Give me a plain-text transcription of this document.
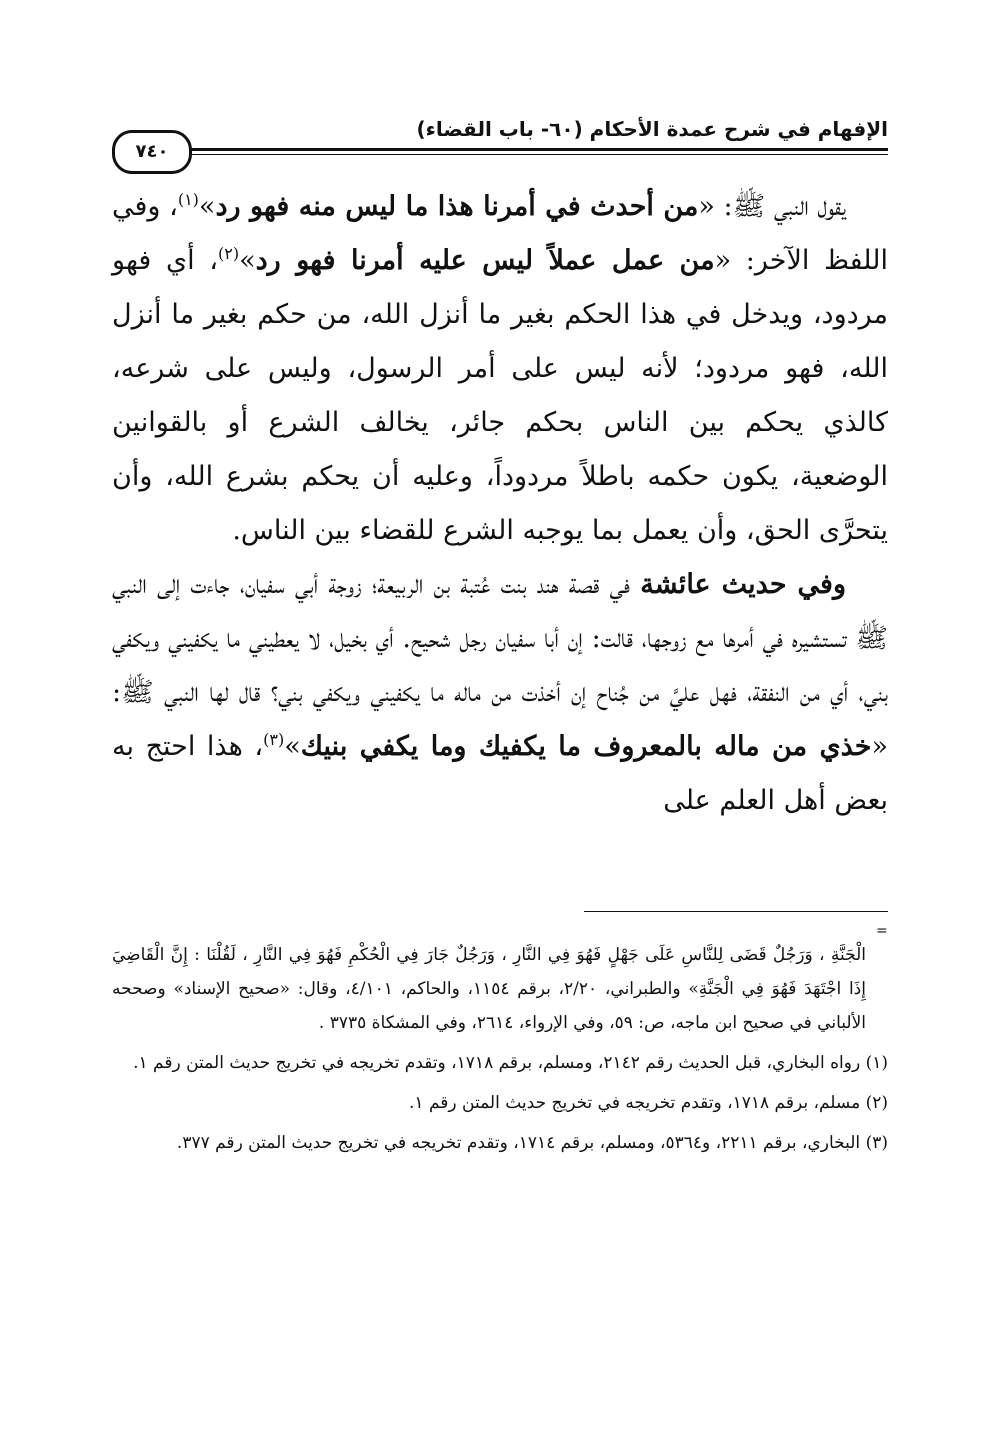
الإفهام في شرح عمدة الأحكام (٦٠- باب القضاء)
٧٤٠

يقول النبي ﷺ: «من أحدث في أمرنا هذا ما ليس منه فهو رد»$^{(١)}$، وفي اللفظ الآخر: «من عمل عملاً ليس عليه أمرنا فهو رد»$^{(٢)}$، أي فهو مردود، ويدخل في هذا الحكم بغير ما أنزل الله، من حكم بغير ما أنزل الله، فهو مردود؛ لأنه ليس على أمر الرسول، وليس على شرعه، كالذي يحكم بين الناس بحكم جائر، يخالف الشرع أو بالقوانين الوضعية، يكون حكمه باطلاً مردوداً، وعليه أن يحكم بشرع الله، وأن يتحرَّى الحق، وأن يعمل بما يوجبه الشرع للقضاء بين الناس.

وفي حديث عائشة في قصة هند بنت عُتبة بن الربيعة؛ زوجة أبي سفيان، جاءت إلى النبي ﷺ تستشيره في أمرها مع زوجها، قالت: إن أبا سفيان رجل شحيح. أي بخيل، لا يعطيني ما يكفيني ويكفي بني، أي من النفقة، فهل عليَّ من جُناح إن أخذت من ماله ما يكفيني ويكفي بني؟ قال لها النبي ﷺ: «خذي من ماله بالمعروف ما يكفيك وما يكفي بنيك»$^{(٣)}$، هذا احتج به بعض أهل العلم على

=

الْجَنَّةِ ، وَرَجُلٌ قَضَى لِلنَّاسِ عَلَى جَهْلٍ فَهُوَ فِي النَّارِ ، وَرَجُلٌ جَارَ فِي الْحُكْمِ فَهُوَ فِي النَّارِ ، لَقُلْنَا : إِنَّ الْقَاضِيَ إِذَا اجْتَهَدَ فَهُوَ فِي الْجَنَّةِ» والطبراني، ٢/٢٠، برقم ١١٥٤، والحاكم، ٤/١٠١، وقال: «صحيح الإسناد» وصححه الألباني في صحيح ابن ماجه، ص: ٥٩، وفي الإرواء، ٢٦١٤، وفي المشكاة ٣٧٣٥ .

(١) رواه البخاري، قبل الحديث رقم ٢١٤٢، ومسلم، برقم ١٧١٨، وتقدم تخريجه في تخريج حديث المتن رقم ١.

(٢) مسلم، برقم ١٧١٨، وتقدم تخريجه في تخريج حديث المتن رقم ١.

(٣) البخاري، برقم ٢٢١١، و٥٣٦٤، ومسلم، برقم ١٧١٤، وتقدم تخريجه في تخريج حديث المتن رقم ٣٧٧.
